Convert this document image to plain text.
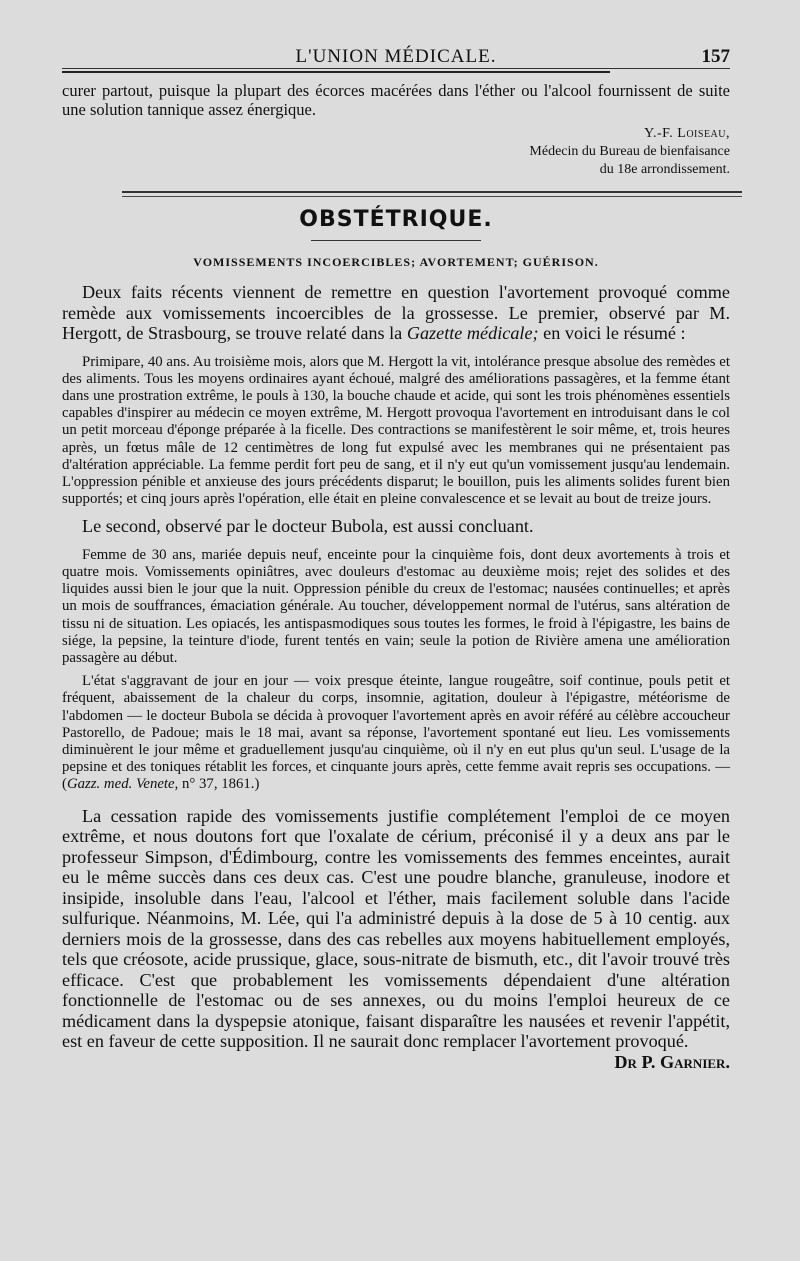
L'UNION MÉDICALE.	157

curer partout, puisque la plupart des écorces macérées dans l'éther ou l'alcool fournissent de suite une solution tannique assez énergique.

Y.-F. Loiseau,
Médecin du Bureau de bienfaisance
du 18e arrondissement.
OBSTÉTRIQUE.
VOMISSEMENTS INCOERCIBLES; AVORTEMENT; GUÉRISON.

Deux faits récents viennent de remettre en question l'avortement provoqué comme remède aux vomissements incoercibles de la grossesse. Le premier, observé par M. Hergott, de Strasbourg, se trouve relaté dans la Gazette médicale; en voici le résumé :

Primipare, 40 ans. Au troisième mois, alors que M. Hergott la vit, intolérance presque absolue des remèdes et des aliments. Tous les moyens ordinaires ayant échoué, malgré des améliorations passagères, et la femme étant dans une prostration extrême, le pouls à 130, la bouche chaude et acide, qui sont les trois phénomènes essentiels capables d'inspirer au médecin ce moyen extrême, M. Hergott provoqua l'avortement en introduisant dans le col un petit morceau d'éponge préparée à la ficelle. Des contractions se manifestèrent le soir même, et, trois heures après, un fœtus mâle de 12 centimètres de long fut expulsé avec les membranes qui ne présentaient pas d'altération appréciable. La femme perdit fort peu de sang, et il n'y eut qu'un vomissement jusqu'au lendemain. L'oppression pénible et anxieuse des jours précédents disparut; le bouillon, puis les aliments solides furent bien supportés; et cinq jours après l'opération, elle était en pleine convalescence et se levait au bout de treize jours.

Le second, observé par le docteur Bubola, est aussi concluant.

Femme de 30 ans, mariée depuis neuf, enceinte pour la cinquième fois, dont deux avortements à trois et quatre mois. Vomissements opiniâtres, avec douleurs d'estomac au deuxième mois; rejet des solides et des liquides aussi bien le jour que la nuit. Oppression pénible du creux de l'estomac; nausées continuelles; et après un mois de souffrances, émaciation générale. Au toucher, développement normal de l'utérus, sans altération de tissu ni de situation. Les opiacés, les antispasmodiques sous toutes les formes, le froid à l'épigastre, les bains de siége, la pepsine, la teinture d'iode, furent tentés en vain; seule la potion de Rivière amena une amélioration passagère au début.

L'état s'aggravant de jour en jour — voix presque éteinte, langue rougeâtre, soif continue, pouls petit et fréquent, abaissement de la chaleur du corps, insomnie, agitation, douleur à l'épigastre, météorisme de l'abdomen — le docteur Bubola se décida à provoquer l'avortement après en avoir référé au célèbre accoucheur Pastorello, de Padoue; mais le 18 mai, avant sa réponse, l'avortement spontané eut lieu. Les vomissements diminuèrent le jour même et graduellement jusqu'au cinquième, où il n'y en eut plus qu'un seul. L'usage de la pepsine et des toniques rétablit les forces, et cinquante jours après, cette femme avait repris ses occupations. — (Gazz. med. Venete, n° 37, 1861.)

La cessation rapide des vomissements justifie complétement l'emploi de ce moyen extrême, et nous doutons fort que l'oxalate de cérium, préconisé il y a deux ans par le professeur Simpson, d'Édimbourg, contre les vomissements des femmes enceintes, aurait eu le même succès dans ces deux cas. C'est une poudre blanche, granuleuse, inodore et insipide, insoluble dans l'eau, l'alcool et l'éther, mais facilement soluble dans l'acide sulfurique. Néanmoins, M. Lée, qui l'a administré depuis à la dose de 5 à 10 centig. aux derniers mois de la grossesse, dans des cas rebelles aux moyens habituellement employés, tels que créosote, acide prussique, glace, sous-nitrate de bismuth, etc., dit l'avoir trouvé très efficace. C'est que probablement les vomissements dépendaient d'une altération fonctionnelle de l'estomac ou de ses annexes, ou du moins l'emploi heureux de ce médicament dans la dyspepsie atonique, faisant disparaître les nausées et revenir l'appétit, est en faveur de cette supposition. Il ne saurait donc remplacer l'avortement provoqué.
Dr P. Garnier.
